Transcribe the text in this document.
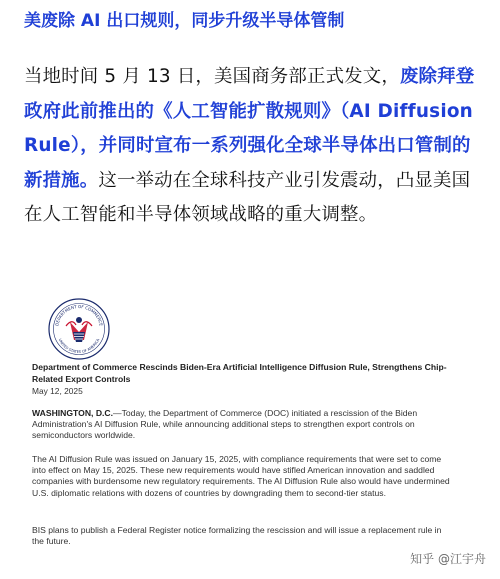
美废除 AI 出口规则，同步升级半导体管制
当地时间 5 月 13 日，美国商务部正式发文，废除拜登政府此前推出的《人工智能扩散规则》（AI Diffusion Rule），并同时宣布一系列强化全球半导体出口管制的新措施。这一举动在全球科技产业引发震动，凸显美国在人工智能和半导体领域战略的重大调整。
DEPARTMENT OF COMMERCE
UNITED STATES OF AMERICA
Department of Commerce Rescinds Biden-Era Artificial Intelligence Diffusion Rule, Strengthens Chip-Related Export Controls
May 12, 2025
WASHINGTON, D.C.—Today, the Department of Commerce (DOC) initiated a rescission of the Biden Administration's AI Diffusion Rule, while announcing additional steps to strengthen export controls on semiconductors worldwide.
The AI Diffusion Rule was issued on January 15, 2025, with compliance requirements that were set to come into effect on May 15, 2025. These new requirements would have stifled American innovation and saddled companies with burdensome new regulatory requirements. The AI Diffusion Rule also would have undermined U.S. diplomatic relations with dozens of countries by downgrading them to second-tier status.
BIS plans to publish a Federal Register notice formalizing the rescission and will issue a replacement rule in the future.
知乎 @江宇舟
